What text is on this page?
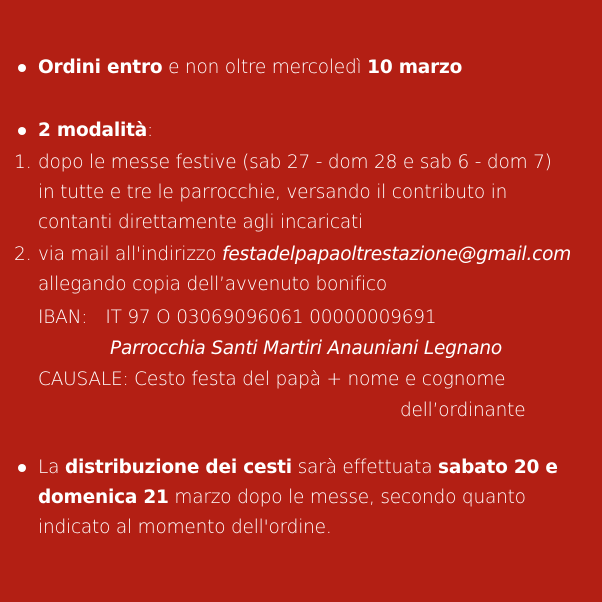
Ordini entro e non oltre mercoledì 10 marzo
2 modalità:
1. dopo le messe festive (sab 27 - dom 28 e sab 6 - dom 7)
in tutte e tre le parrocchie, versando il contributo in
contanti direttamente agli incaricati
2. via mail all'indirizzo festadelpapaoltrestazione@gmail.com
allegando copia dell’avvenuto bonifico
IBAN: IT 97 O 03069096061 00000009691
Parrocchia Santi Martiri Anauniani Legnano
CAUSALE: Cesto festa del papà + nome e cognome
dell’ordinante
La distribuzione dei cesti sarà effettuata sabato 20 e
domenica 21 marzo dopo le messe, secondo quanto
indicato al momento dell'ordine.
